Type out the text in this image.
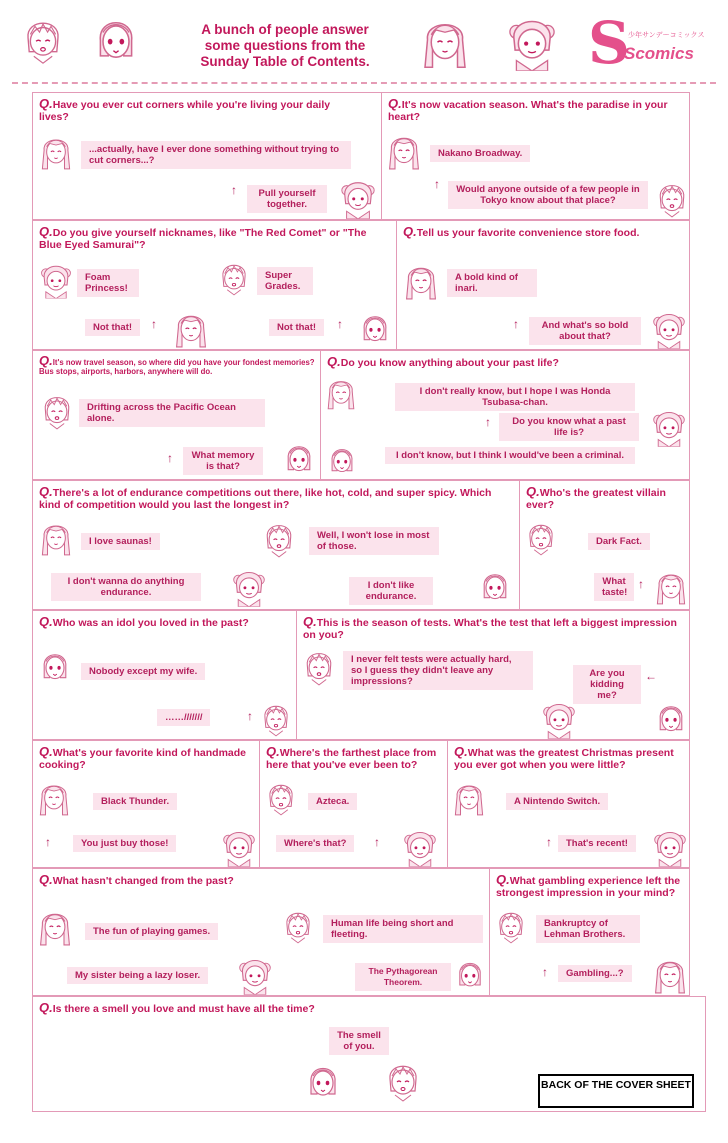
A bunch of people answer some questions from the Sunday Table of Contents.	S
少年サンデーコミックス
Scomics
Q.Have you ever cut corners while you're living your daily lives?
...actually, have I ever done something without trying to cut corners...?
↑	Pull yourself together.
Q.It's now vacation season. What's the paradise in your heart?
Nakano Broadway.
↑	Would anyone outside of a few people in Tokyo know about that place?
Q.Do you give yourself nicknames, like "The Red Comet" or "The Blue Eyed Samurai"?
Foam Princess!
Super Grades.
Not that!	↑	Not that!	↑
Q.Tell us your favorite convenience store food.
A bold kind of inari.
↑	And what's so bold about that?
Q.It's now travel season, so where did you have your fondest memories? Bus stops, airports, harbors, anywhere will do.
Drifting across the Pacific Ocean alone.
↑	What memory is that?
Q.Do you know anything about your past life?
I don't really know, but I hope I was Honda Tsubasa-chan.
↑	Do you know what a past life is?
I don't know, but I think I would've been a criminal.
Q.There's a lot of endurance competitions out there, like hot, cold, and super spicy. Which kind of competition would you last the longest in?
I love saunas!
Well, I won't lose in most of those.
I don't wanna do anything endurance.
I don't like endurance.
Q.Who's the greatest villain ever?
Dark Fact.
What taste!
↑
Q.Who was an idol you loved in the past?
Nobody except my wife.
……///////	↑
Q.This is the season of tests. What's the test that left a biggest impression on you?
I never felt tests were actually hard, so I guess they didn't leave any impressions?
Are you kidding me?
←
Q.What's your favorite kind of handmade cooking?
Black Thunder.
↑	You just buy those!
Q.Where's the farthest place from here that you've ever been to?
Azteca.
Where's that?	↑
Q.What was the greatest Christmas present you ever got when you were little?
A Nintendo Switch.
↑	That's recent!
Q.What hasn't changed from the past?
The fun of playing games.
Human life being short and fleeting.
My sister being a lazy loser.	The Pythagorean Theorem.
Q.What gambling experience left the strongest impression in your mind?
Bankruptcy of Lehman Brothers.
↑	Gambling...?
Q.Is there a smell you love and must have all the time?
The smell of you.
BACK OF THE COVER SHEET
